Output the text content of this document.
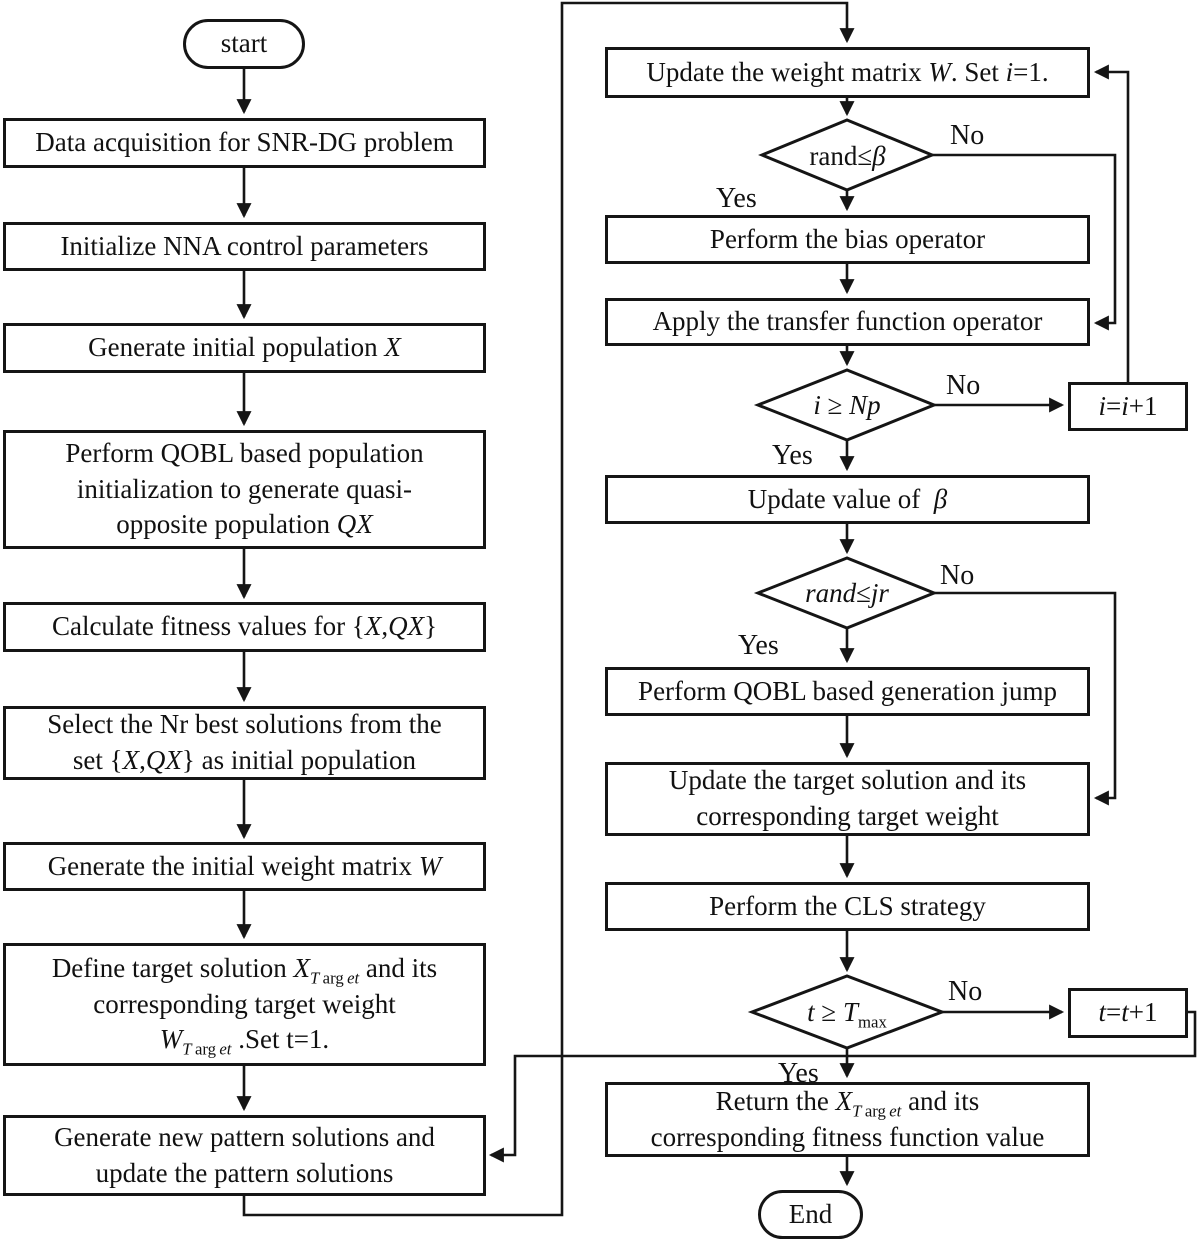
start
Data acquisition for SNR-DG problem
Initialize NNA control parameters
Generate initial population X
Perform QOBL based population
initialization to generate quasi-
opposite population QX
Calculate fitness values for {X,QX}
Select the Nr best solutions from the
set {X,QX} as initial population
Generate the initial weight matrix W
Define target solution $X_{T arg et}$ and its
corresponding target weight
$W_{T arg et}$ .Set t=1.
Generate new pattern solutions and
update the pattern solutions
Update the weight matrix W. Set i=1.
rand≤β
Perform the bias operator
Apply the transfer function operator
i ≥ Np	i=i+1
Update value of  β
rand≤jr
Perform QOBL based generation jump
Update the target solution and its
corresponding target weight
Perform the CLS strategy
$t \ge T_{max}$	t=t+1
Return the $X_{T arg et}$ and its
corresponding fitness function value
End
No
Yes
No
Yes
No
Yes
No
Yes
